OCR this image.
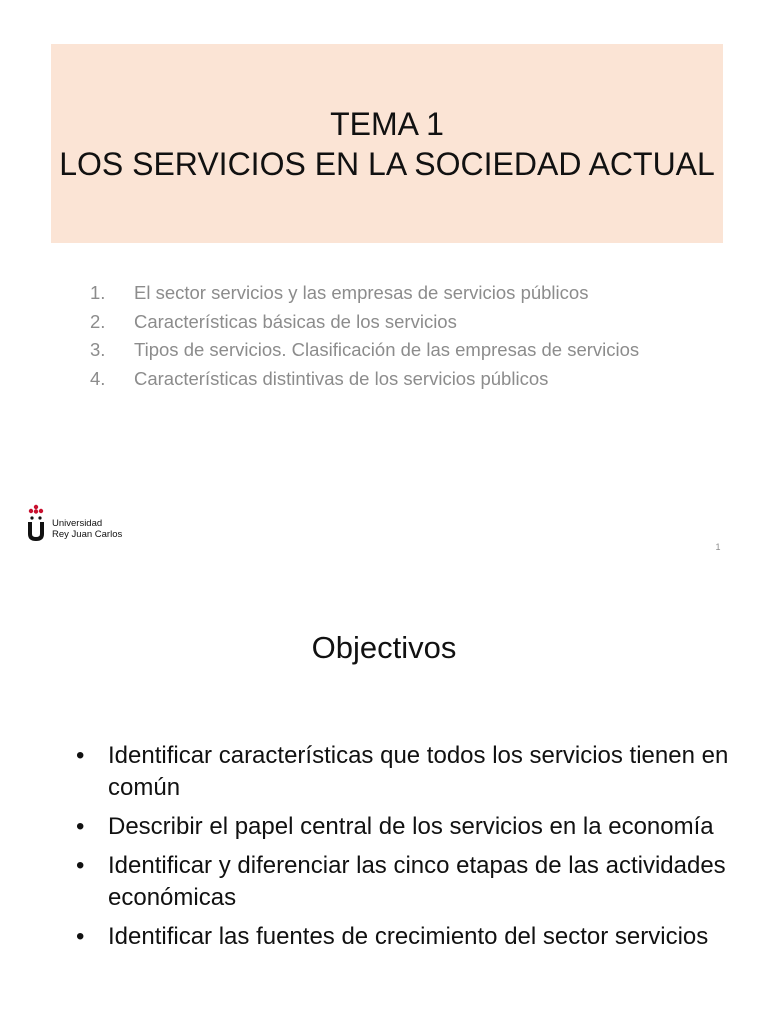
TEMA 1
LOS SERVICIOS EN LA SOCIEDAD ACTUAL
1.	El sector servicios y las empresas de servicios públicos
2.	Características básicas de los servicios
3.	Tipos de servicios. Clasificación de las empresas de servicios
4.	Características distintivas de los servicios públicos
Universidad
Rey Juan Carlos
1
Objectivos
• Identificar características que todos los servicios tienen en común
• Describir el papel central de los servicios en la economía
• Identificar y diferenciar las cinco etapas de las actividades económicas
• Identificar las fuentes de crecimiento del sector servicios
